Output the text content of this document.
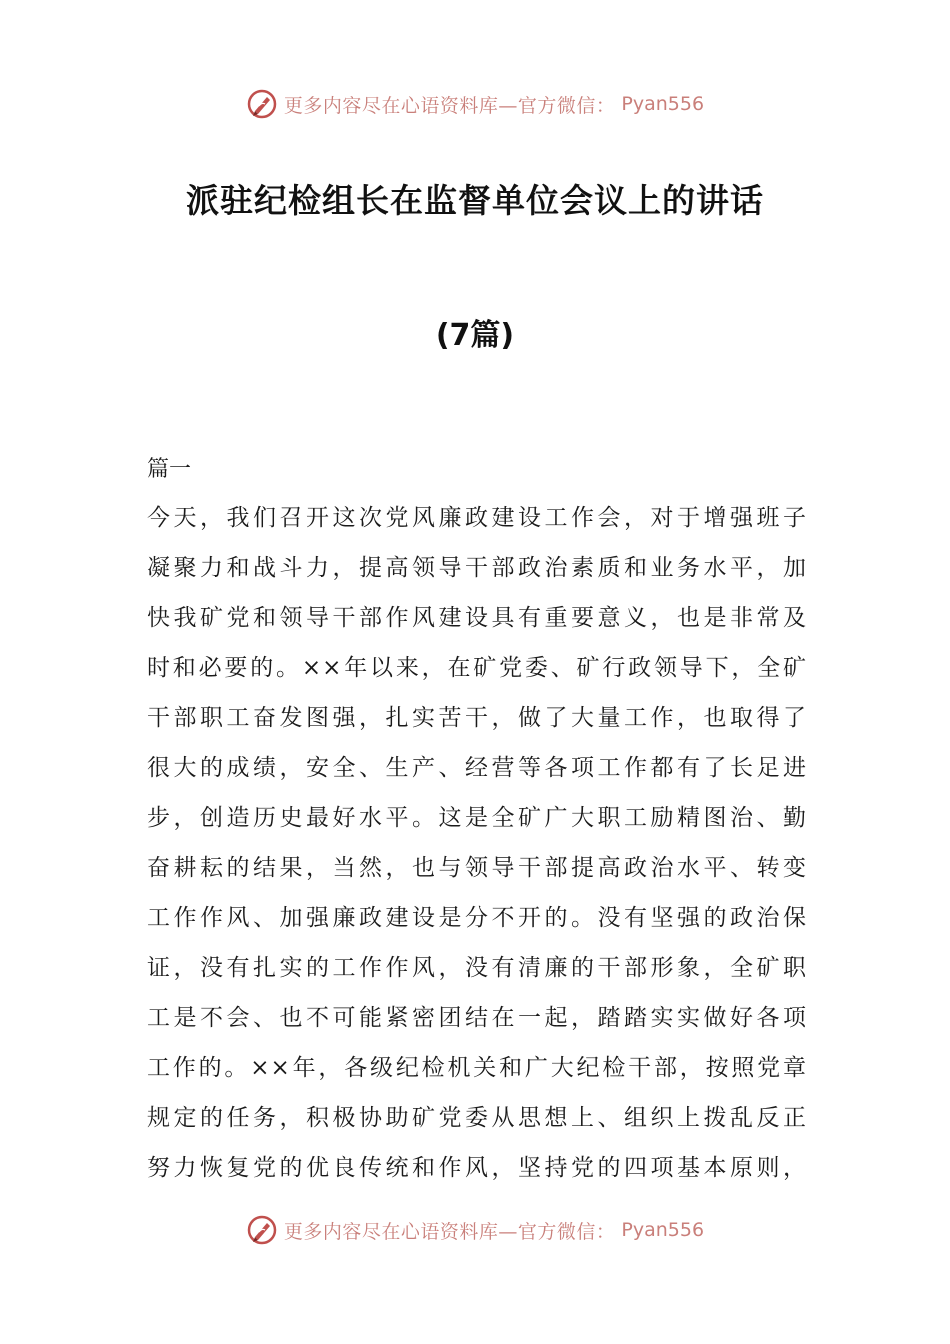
更多内容尽在心语资料库—官方微信： Pyan556
派驻纪检组长在监督单位会议上的讲话
(7篇)
篇一
今天，我们召开这次党风廉政建设工作会，对于增强班子
凝聚力和战斗力，提高领导干部政治素质和业务水平，加
快我矿党和领导干部作风建设具有重要意义，也是非常及
时和必要的。××年以来，在矿党委、矿行政领导下，全矿
干部职工奋发图强，扎实苦干，做了大量工作，也取得了
很大的成绩，安全、生产、经营等各项工作都有了长足进
步，创造历史最好水平。这是全矿广大职工励精图治、勤
奋耕耘的结果，当然，也与领导干部提高政治水平、转变
工作作风、加强廉政建设是分不开的。没有坚强的政治保
证，没有扎实的工作作风，没有清廉的干部形象，全矿职
工是不会、也不可能紧密团结在一起，踏踏实实做好各项
工作的。××年，各级纪检机关和广大纪检干部，按照党章
规定的任务，积极协助矿党委从思想上、组织上拨乱反正
努力恢复党的优良传统和作风，坚持党的四项基本原则，
更多内容尽在心语资料库—官方微信： Pyan556
